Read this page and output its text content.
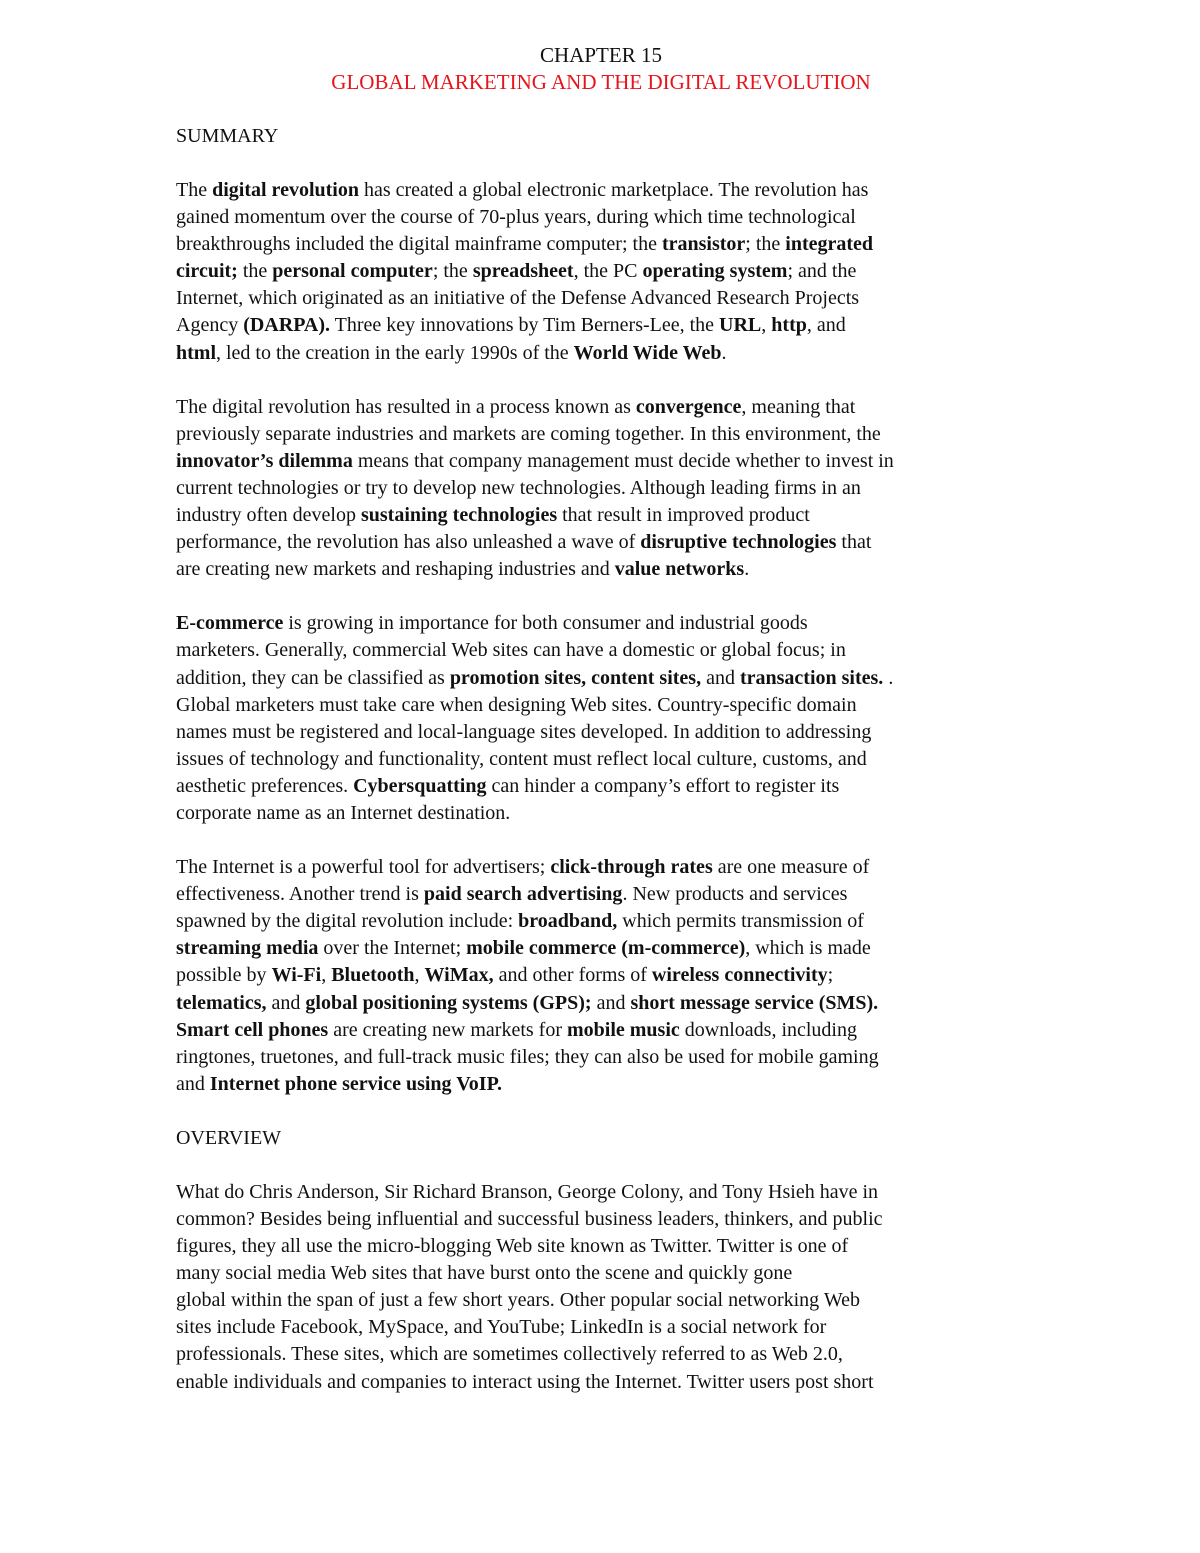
CHAPTER 15
GLOBAL MARKETING AND THE DIGITAL REVOLUTION
SUMMARY

The digital revolution has created a global electronic marketplace. The revolution has
gained momentum over the course of 70-plus years, during which time technological
breakthroughs included the digital mainframe computer; the transistor; the integrated
circuit; the personal computer; the spreadsheet, the PC operating system; and the
Internet, which originated as an initiative of the Defense Advanced Research Projects
Agency (DARPA). Three key innovations by Tim Berners-Lee, the URL, http, and
html, led to the creation in the early 1990s of the World Wide Web.

The digital revolution has resulted in a process known as convergence, meaning that
previously separate industries and markets are coming together. In this environment, the
innovator’s dilemma means that company management must decide whether to invest in
current technologies or try to develop new technologies. Although leading firms in an
industry often develop sustaining technologies that result in improved product
performance, the revolution has also unleashed a wave of disruptive technologies that
are creating new markets and reshaping industries and value networks.

E-commerce is growing in importance for both consumer and industrial goods
marketers. Generally, commercial Web sites can have a domestic or global focus; in
addition, they can be classified as promotion sites, content sites, and transaction sites. .
Global marketers must take care when designing Web sites. Country-specific domain
names must be registered and local-language sites developed. In addition to addressing
issues of technology and functionality, content must reflect local culture, customs, and
aesthetic preferences. Cybersquatting can hinder a company’s effort to register its
corporate name as an Internet destination.

The Internet is a powerful tool for advertisers; click-through rates are one measure of
effectiveness. Another trend is paid search advertising. New products and services
spawned by the digital revolution include: broadband, which permits transmission of
streaming media over the Internet; mobile commerce (m-commerce), which is made
possible by Wi-Fi, Bluetooth, WiMax, and other forms of wireless connectivity;
telematics, and global positioning systems (GPS); and short message service (SMS).
Smart cell phones are creating new markets for mobile music downloads, including
ringtones, truetones, and full-track music files; they can also be used for mobile gaming
and Internet phone service using VoIP.

OVERVIEW

What do Chris Anderson, Sir Richard Branson, George Colony, and Tony Hsieh have in
common? Besides being influential and successful business leaders, thinkers, and public
figures, they all use the micro-blogging Web site known as Twitter. Twitter is one of
many social media Web sites that have burst onto the scene and quickly gone
global within the span of just a few short years. Other popular social networking Web
sites include Facebook, MySpace, and YouTube; LinkedIn is a social network for
professionals. These sites, which are sometimes collectively referred to as Web 2.0,
enable individuals and companies to interact using the Internet. Twitter users post short
